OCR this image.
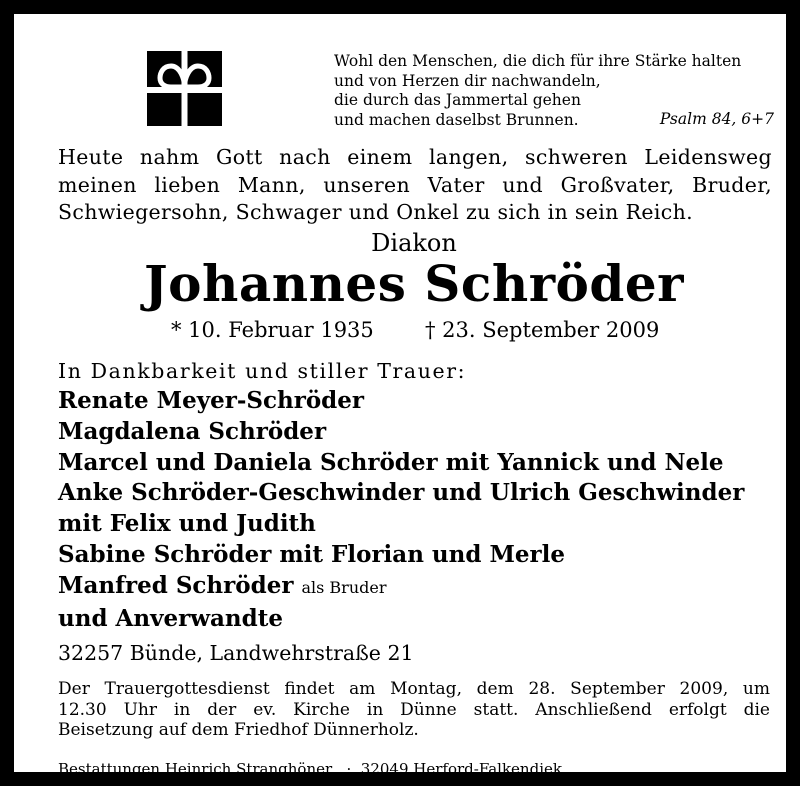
Wohl den Menschen, die dich für ihre Stärke halten
und von Herzen dir nachwandeln,
die durch das Jammertal gehen
und machen daselbst Brunnen.	Psalm 84, 6+7
Heute nahm Gott nach einem langen, schweren Leidensweg
meinen lieben Mann, unseren Vater und Großvater, Bruder,
Schwiegersohn, Schwager und Onkel zu sich in sein Reich.
Diakon
Johannes Schröder
* 10. Februar 1935 † 23. September 2009
In Dankbarkeit und stiller Trauer:
Renate Meyer-Schröder
Magdalena Schröder
Marcel und Daniela Schröder mit Yannick und Nele
Anke Schröder-Geschwinder und Ulrich Geschwinder
mit Felix und Judith
Sabine Schröder mit Florian und Merle
Manfred Schröder als Bruder
und Anverwandte
32257 Bünde, Landwehrstraße 21
Der Trauergottesdienst findet am Montag, dem 28. September 2009, um
12.30 Uhr in der ev. Kirche in Dünne statt. Anschließend erfolgt die
Beisetzung auf dem Friedhof Dünnerholz.
Bestattungen Heinrich Stranghöner · 32049 Herford-Falkendiek
